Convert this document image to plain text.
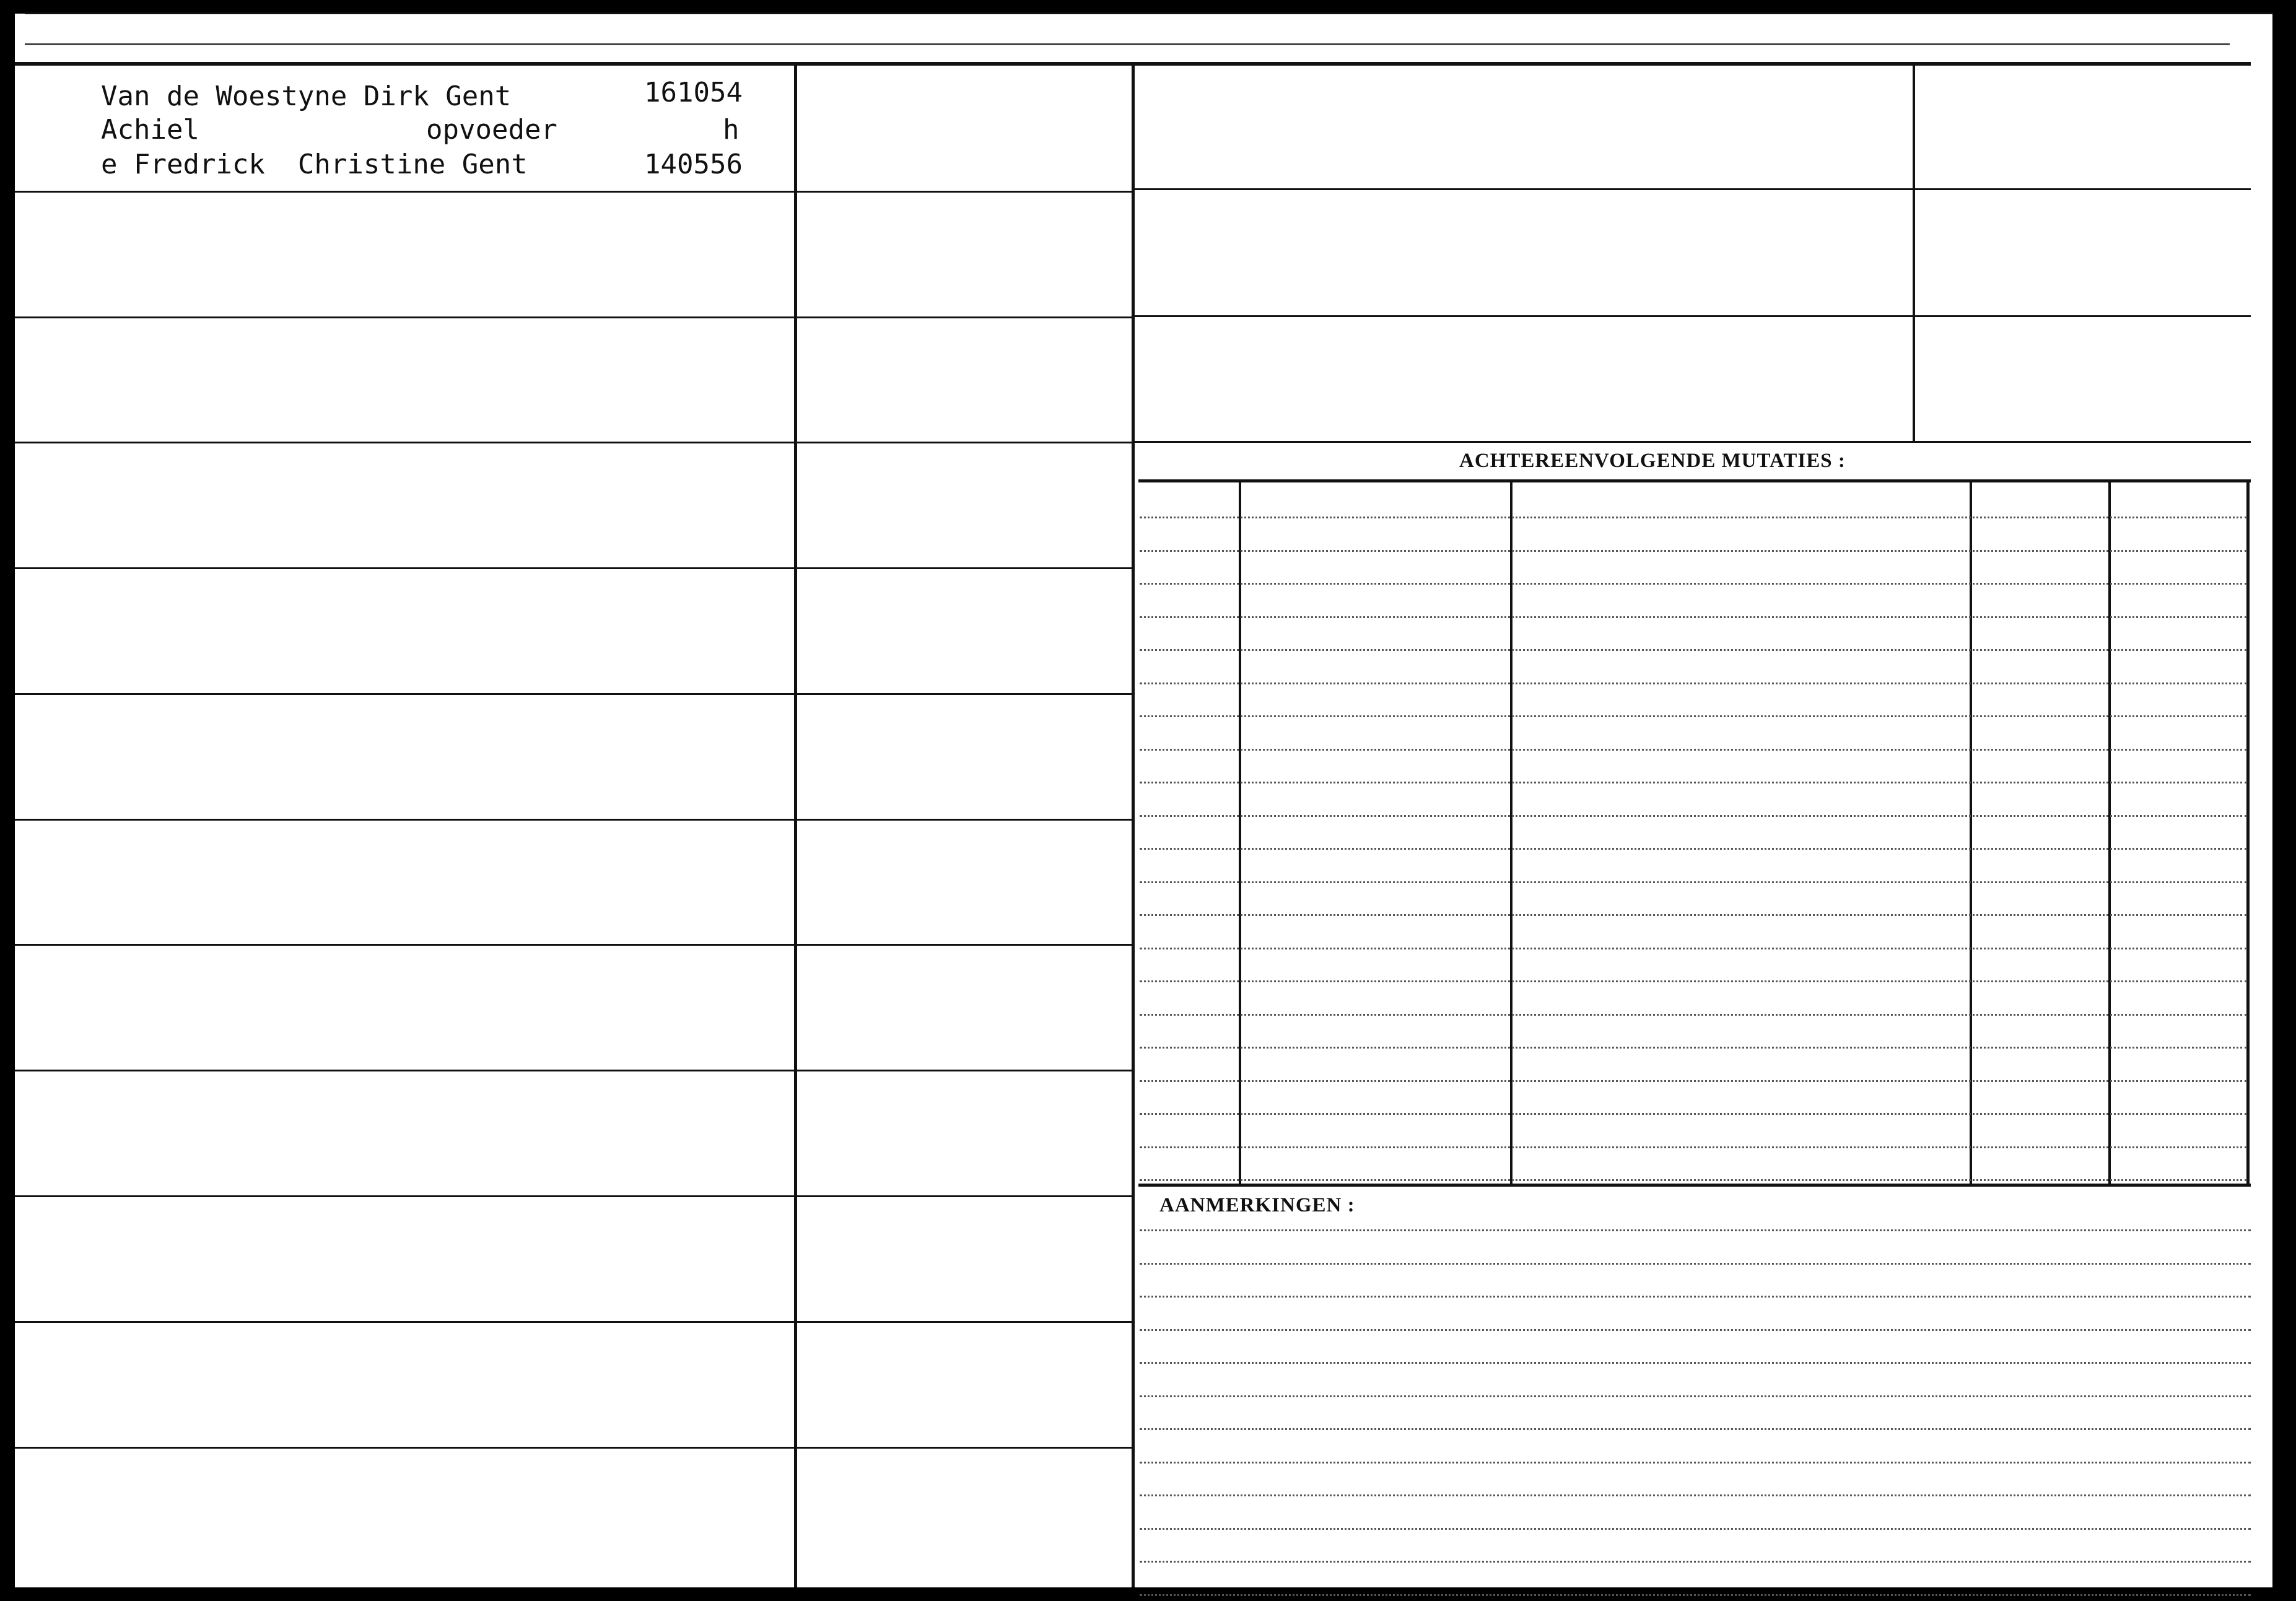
Van de Woestyne Dirk Gent	161054
Achiel	opvoeder	h
e Fredrick  Christine Gent	140556
ACHTEREENVOLGENDE MUTATIES :
AANMERKINGEN :
